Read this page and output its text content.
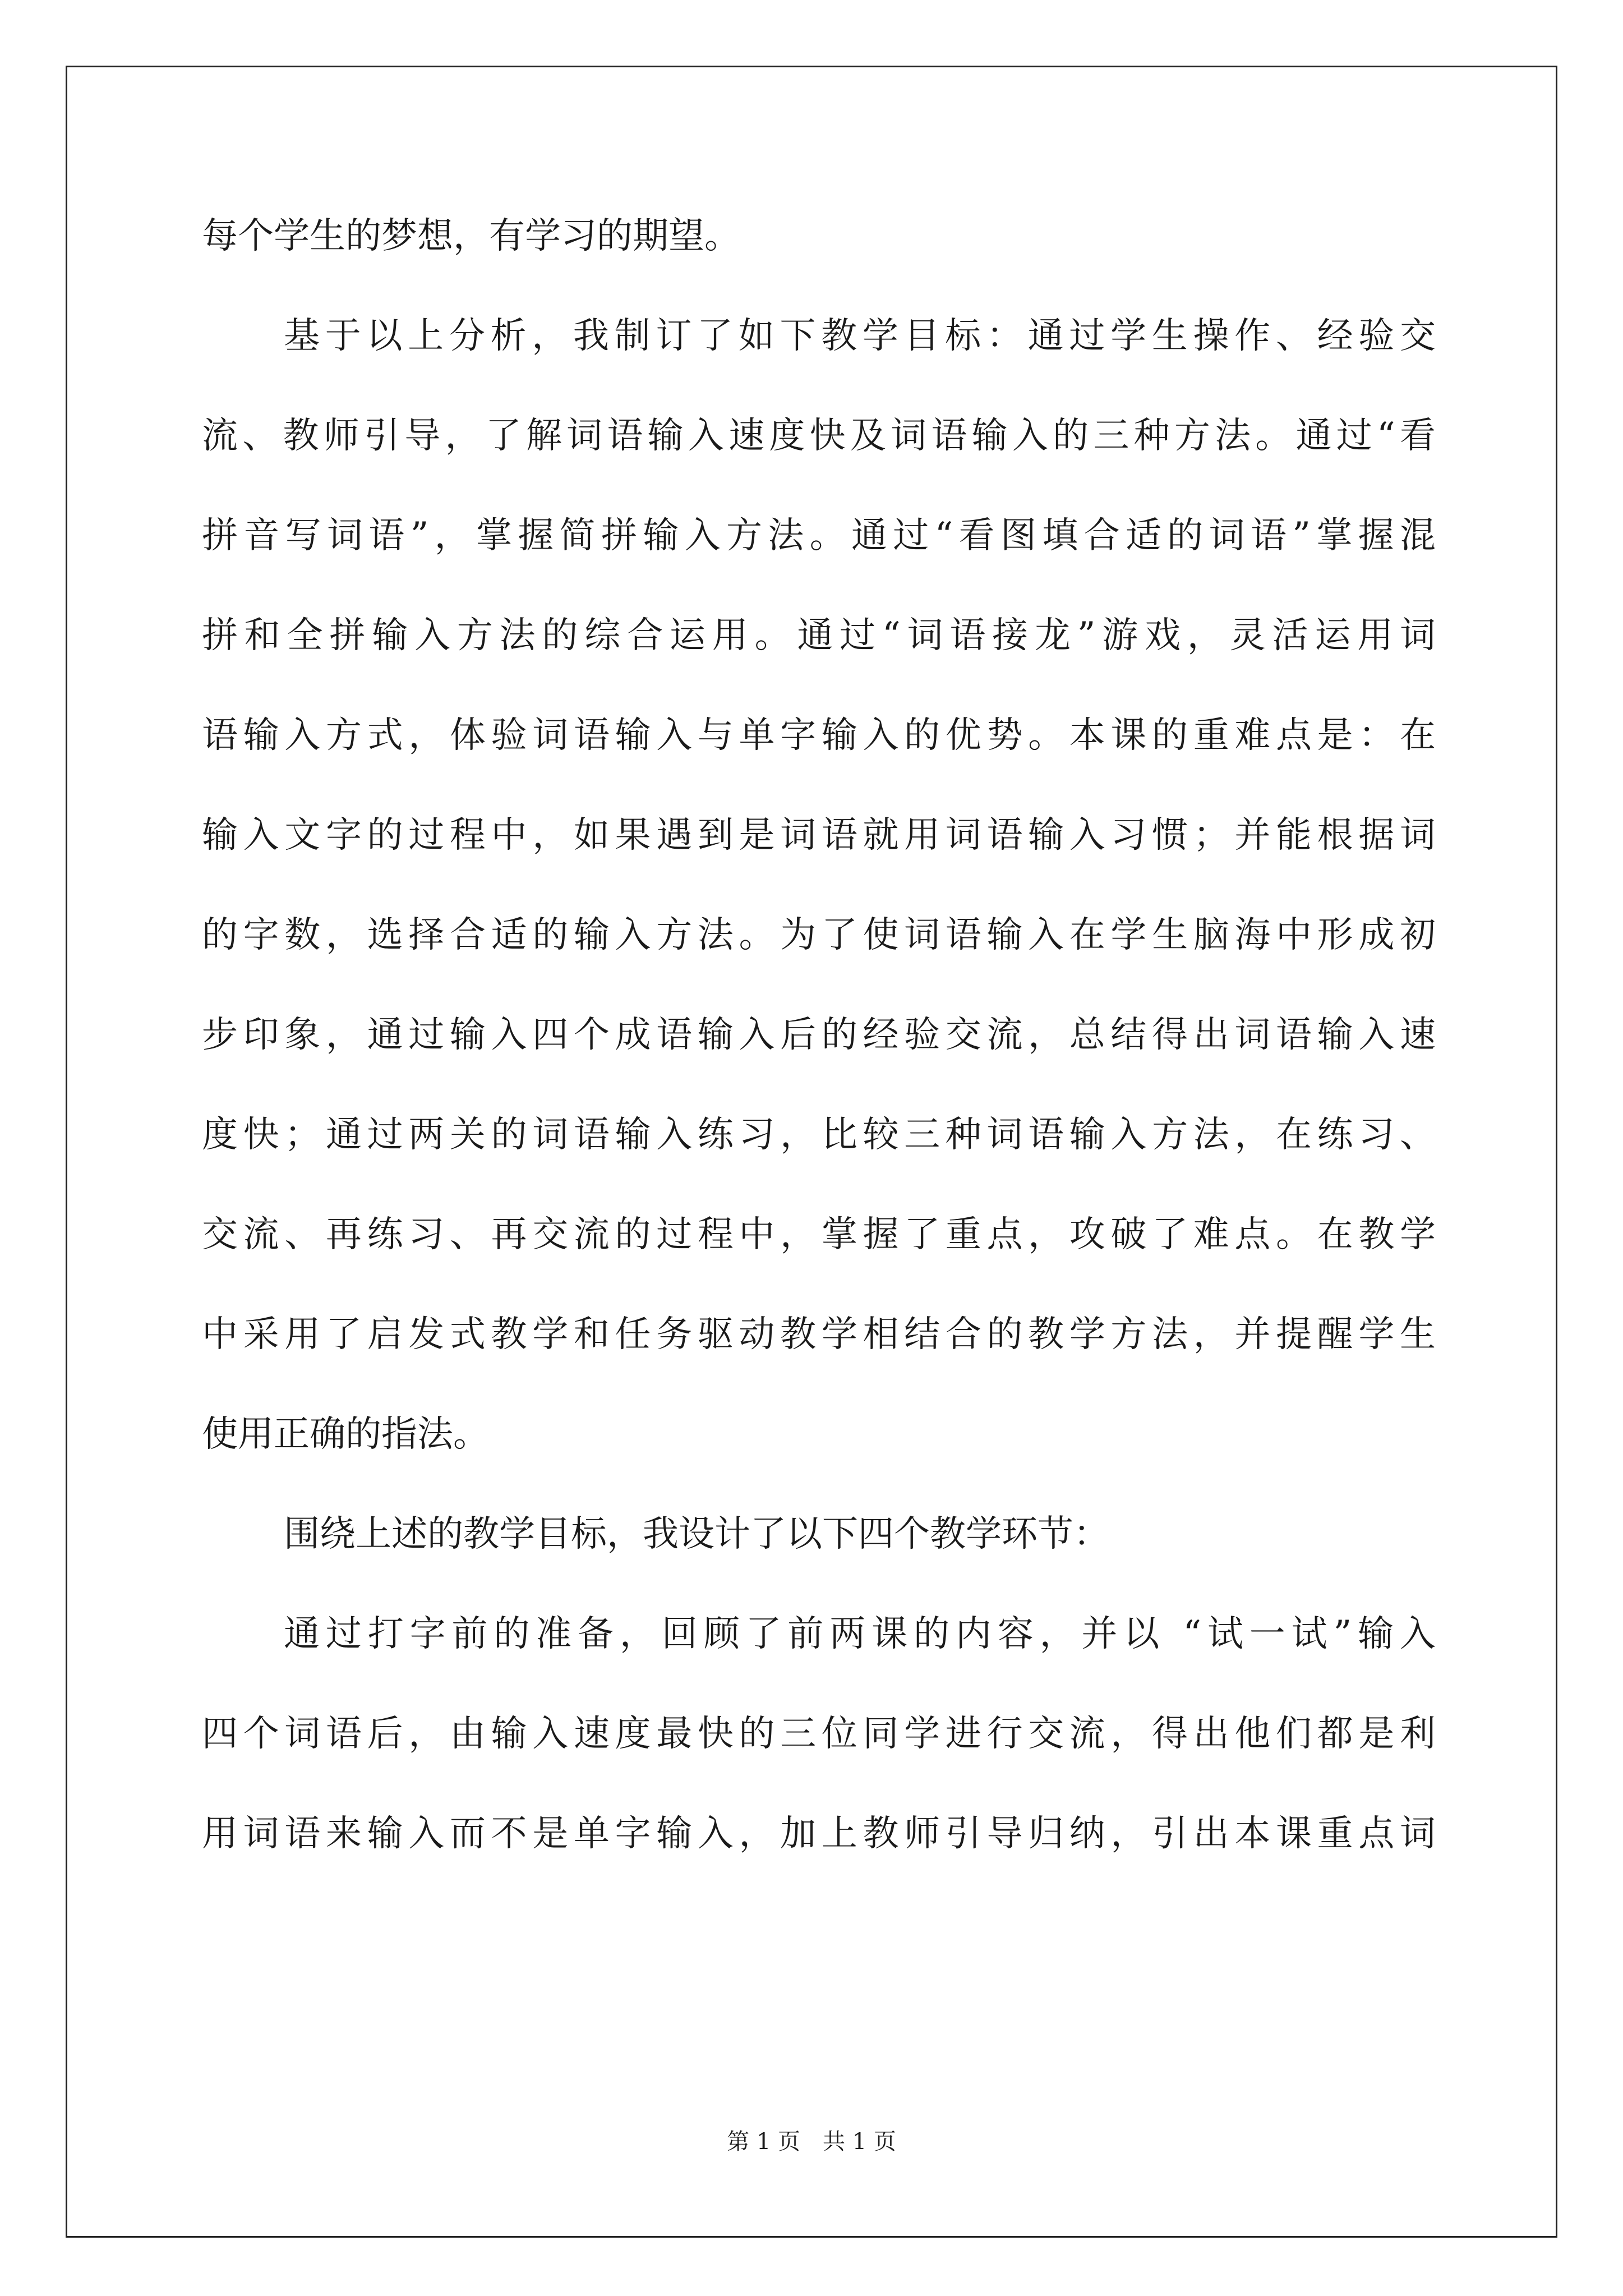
每个学生的梦想，有学习的期望。
基于以上分析，我制订了如下教学目标：通过学生操作、经验交
流、教师引导，了解词语输入速度快及词语输入的三种方法。通过“看
拼音写词语”，掌握简拼输入方法。通过“看图填合适的词语”掌握混
拼和全拼输入方法的综合运用。通过“词语接龙”游戏，灵活运用词
语输入方式，体验词语输入与单字输入的优势。本课的重难点是：在
输入文字的过程中，如果遇到是词语就用词语输入习惯；并能根据词
的字数，选择合适的输入方法。为了使词语输入在学生脑海中形成初
步印象，通过输入四个成语输入后的经验交流，总结得出词语输入速
度快；通过两关的词语输入练习，比较三种词语输入方法，在练习、
交流、再练习、再交流的过程中，掌握了重点，攻破了难点。在教学
中采用了启发式教学和任务驱动教学相结合的教学方法，并提醒学生
使用正确的指法。
围绕上述的教学目标，我设计了以下四个教学环节：
通过打字前的准备，回顾了前两课的内容，并以 “试一试”输入
四个词语后，由输入速度最快的三位同学进行交流，得出他们都是利
用词语来输入而不是单字输入，加上教师引导归纳，引出本课重点词
第 1 页 共 1 页
